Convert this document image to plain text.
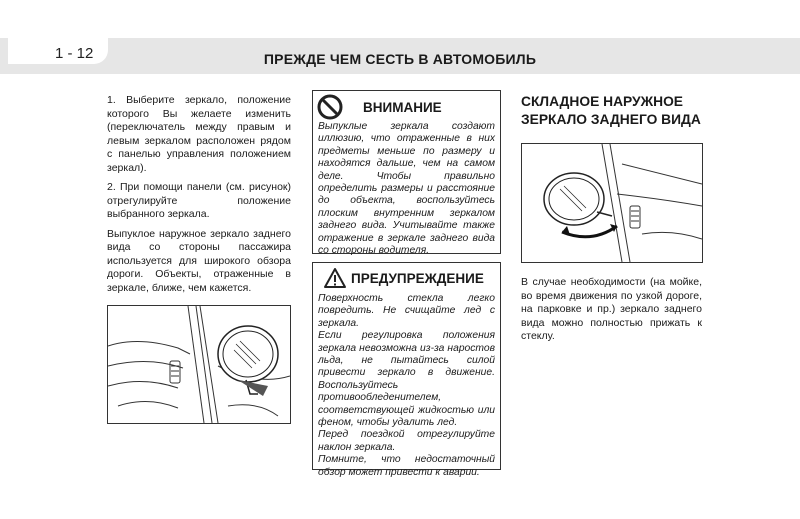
1 - 12	ПРЕЖДЕ ЧЕМ СЕСТЬ В АВТОМОБИЛЬ

1. Выберите зеркало, положение которого Вы желаете изменить (переключатель между правым и левым зеркалом расположен рядом с панелью управления положением зеркал).

2. При помощи панели (см. рисунок) отрегулируйте положение выбранного зеркала.

Выпуклое наружное зеркало заднего вида со стороны пассажира используется для широкого обзора дороги. Объекты, отраженные в зеркале, ближе, чем кажется.

ВНИМАНИЕ
Выпуклые зеркала создают иллюзию, что отраженные в них предметы меньше по размеру и находятся дальше, чем на самом деле. Чтобы правильно определить размеры и расстояние до объекта, воспользуйтесь плоским внутренним зеркалом заднего вида. Учитывайте также отражение в зеркале заднего вида со стороны водителя.
ПРЕДУПРЕЖДЕНИЕ

Поверхность стекла легко повредить. Не счищайте лед с зеркала.

Если регулировка положения зеркала невозможна из-за наростов льда, не пытайтесь силой привести зеркало в движение. Воспользуйтесь противообледенителем, соответствующей жидкостью или феном, чтобы удалить лед.

Перед поездкой отрегулируйте наклон зеркала.

Помните, что недостаточный обзор может привести к аварии.

СКЛАДНОЕ НАРУЖНОЕ ЗЕРКАЛО ЗАДНЕГО ВИДА
В случае необходимости (на мойке, во время движения по узкой дороге, на парковке и пр.) зеркало заднего вида можно полностью прижать к стеклу.
